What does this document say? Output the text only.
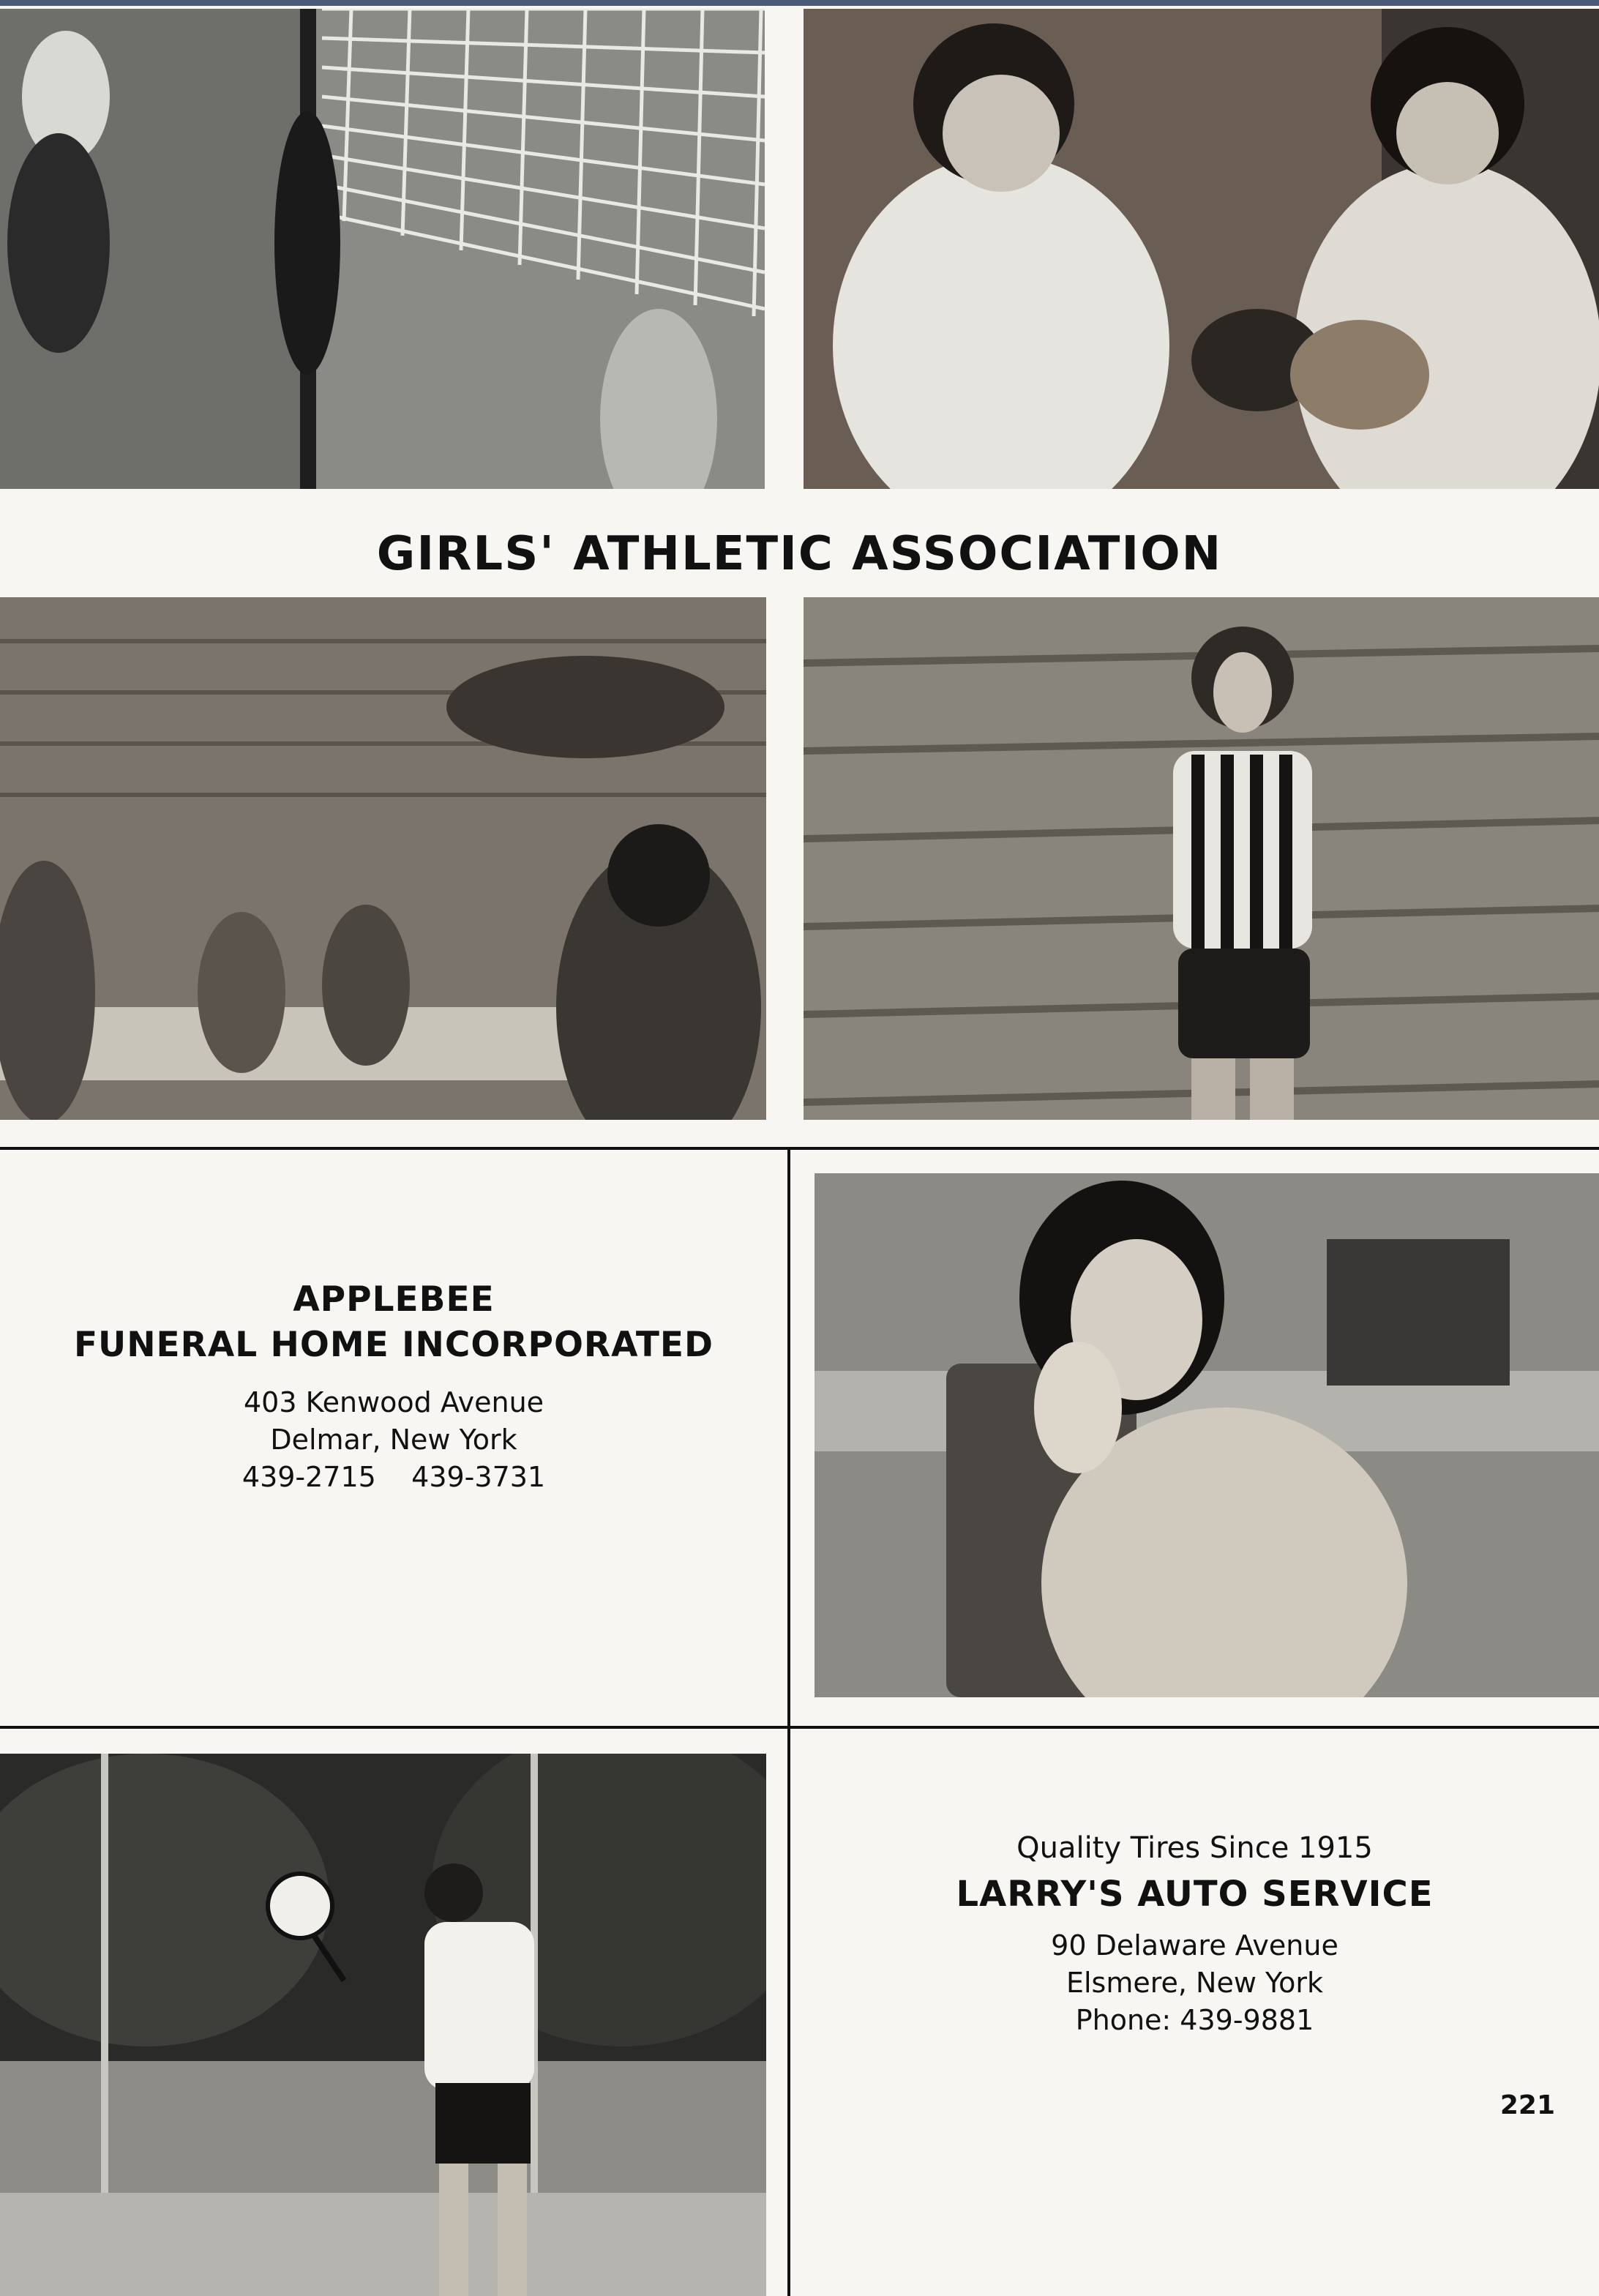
GIRLS' ATHLETIC ASSOCIATION
APPLEBEE
FUNERAL HOME INCORPORATED
403 Kenwood Avenue
Delmar, New York
439-2715    439-3731
Quality Tires Since 1915
LARRY'S AUTO SERVICE
90 Delaware Avenue
Elsmere, New York
Phone: 439-9881
221
